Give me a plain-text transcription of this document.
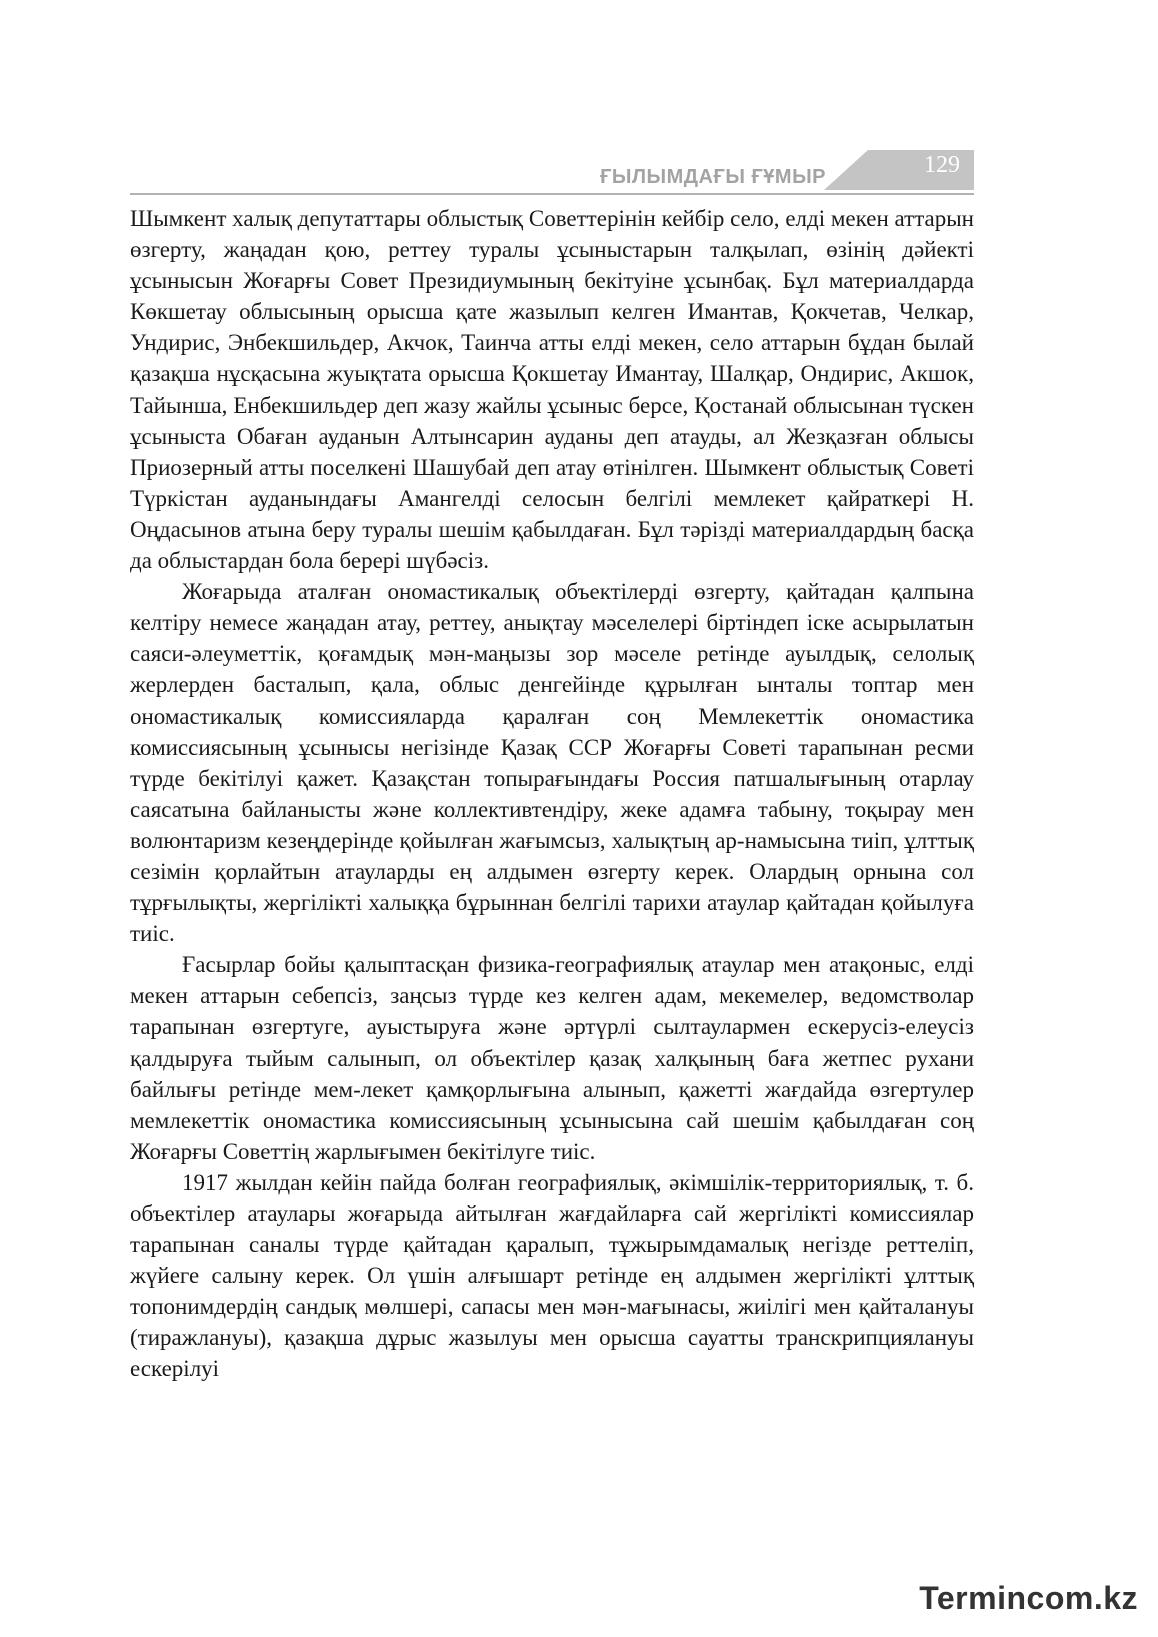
ҒЫЛЫМДАҒЫ ҒҰМЫР	129

Шымкент халық депутаттары облыстық Советтерінін кейбір село, елді мекен аттарын өзгерту, жаңадан қою, реттеу туралы ұсыныстарын талқылап, өзінің дәйекті ұсынысын Жоғарғы Совет Президиумының бекітуіне ұсынбақ. Бұл материалдарда Көкшетау облысының орысша қате жазылып келген Имантав, Қокчетав, Челкар, Ундирис, Энбекшильдер, Акчок, Таинча атты елді мекен, село аттарын бұдан былай қазақша нұсқасына жуықтата орысша Қокшетау Имантау, Шалқар, Ондирис, Акшок, Тайынша, Енбекшильдер деп жазу жайлы ұсыныс берсе, Қостанай облысынан түскен ұсыныста Обаған ауданын Алтынсарин ауданы деп атауды, ал Жезқазған облысы Приозерный атты поселкені Шашубай деп атау өтінілген. Шымкент облыстық Советі Түркістан ауданындағы Амангелді селосын белгілі мемлекет қайраткері Н. Оңдасынов атына беру туралы шешім қабылдаған. Бұл тәрізді материалдардың басқа да облыстардан бола берері шүбәсіз.

Жоғарыда аталған ономастикалық объектілерді өзгерту, қайтадан қалпына келтіру немесе жаңадан атау, реттеу, анықтау мәселелері біртіндеп іске асырылатын саяси-әлеуметтік, қоғамдық мән-маңызы зор мәселе ретінде ауылдық, селолық жерлерден басталып, қала, облыс денгейінде құрылған ынталы топтар мен ономастикалық комиссияларда қаралған соң Мемлекеттік ономастика комиссиясының ұсынысы негізінде Қазақ ССР Жоғарғы Советі тарапынан ресми түрде бекітілуі қажет. Қазақстан топырағындағы Россия патшалығының отарлау саясатына байланысты және коллективтендіру, жеке адамға табыну, тоқырау мен волюнтаризм кезеңдерінде қойылған жағымсыз, халықтың ар-намысына тиіп, ұлттық сезімін қорлайтын атауларды ең алдымен өзгерту керек. Олардың орнына сол тұрғылықты, жергілікті халыққа бұрыннан белгілі тарихи атаулар қайтадан қойылуға тиіс.

Ғасырлар бойы қалыптасқан физика-географиялық атаулар мен атақоныс, елді мекен аттарын себепсіз, заңсыз түрде кез келген адам, мекемелер, ведомстволар тарапынан өзгертуге, ауыстыруға және әртүрлі сылтаулармен ескерусіз-елеусіз қалдыруға тыйым салынып, ол объектілер қазақ халқының баға жетпес рухани байлығы ретінде мем-лекет қамқорлығына алынып, қажетті жағдайда өзгертулер мемлекеттік ономастика комиссиясының ұсынысына сай шешім қабылдаған соң Жоғарғы Советтің жарлығымен бекітілуге тиіс.

1917 жылдан кейін пайда болған географиялық, әкімшілік-территориялық, т. б. объектілер атаулары жоғарыда айтылған жағдайларға сай жергілікті комиссиялар тарапынан саналы түрде қайтадан қаралып, тұжырымдамалық негізде реттеліп, жүйеге салыну керек. Ол үшін алғышарт ретінде ең алдымен жергілікті ұлттық топонимдердің сандық мөлшері, сапасы мен мән-мағынасы, жиілігі мен қайталануы (тиражлануы), қазақша дұрыс жазылуы мен орысша сауатты транскрипциялануы ескерілуі

Termincom.kz
